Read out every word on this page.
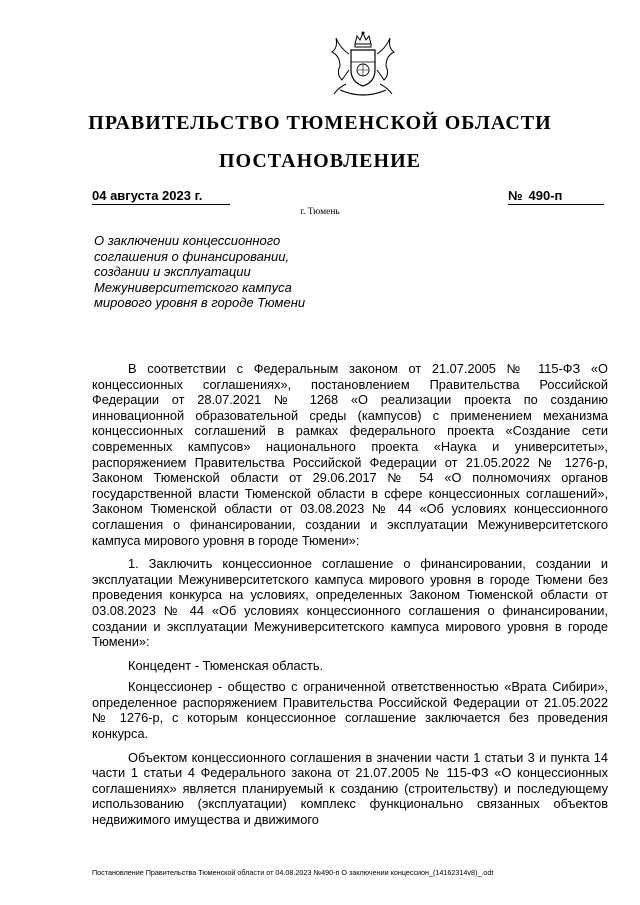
ПРАВИТЕЛЬСТВО ТЮМЕНСКОЙ ОБЛАСТИ
ПОСТАНОВЛЕНИЕ
04 августа 2023 г.	№ 490-п
г. Тюмень
О заключении концессионного
соглашения о финансировании,
создании и эксплуатации
Межуниверситетского кампуса
мирового уровня в городе Тюмени

В соответствии с Федеральным законом от 21.07.2005 № 115-ФЗ «О концессионных соглашениях», постановлением Правительства Российской Федерации от 28.07.2021 № 1268 «О реализации проекта по созданию инновационной образовательной среды (кампусов) с применением механизма концессионных соглашений в рамках федерального проекта «Создание сети современных кампусов» национального проекта «Наука и университеты», распоряжением Правительства Российской Федерации от 21.05.2022 № 1276-р, Законом Тюменской области от 29.06.2017 № 54 «О полномочиях органов государственной власти Тюменской области в сфере концессионных соглашений», Законом Тюменской области от 03.08.2023 № 44 «Об условиях концессионного соглашения о финансировании, создании и эксплуатации Межуниверситетского кампуса мирового уровня в городе Тюмени»:

1. Заключить концессионное соглашение о финансировании, создании и эксплуатации Межуниверситетского кампуса мирового уровня в городе Тюмени без проведения конкурса на условиях, определенных Законом Тюменской области от 03.08.2023 № 44 «Об условиях концессионного соглашения о финансировании, создании и эксплуатации Межуниверситетского кампуса мирового уровня в городе Тюмени»:

Концедент - Тюменская область.

Концессионер - общество с ограниченной ответственностью «Врата Сибири», определенное распоряжением Правительства Российской Федерации от 21.05.2022 № 1276-р, с которым концессионное соглашение заключается без проведения конкурса.

Объектом концессионного соглашения в значении части 1 статьи 3 и пункта 14 части 1 статьи 4 Федерального закона от 21.07.2005 № 115-ФЗ «О концессионных соглашениях» является планируемый к созданию (строительству) и последующему использованию (эксплуатации) комплекс функционально связанных объектов недвижимого имущества и движимого

Постановление Правительства Тюменской области от 04.08.2023 №490-п О заключении концессион_(14162314v8)_.odt
